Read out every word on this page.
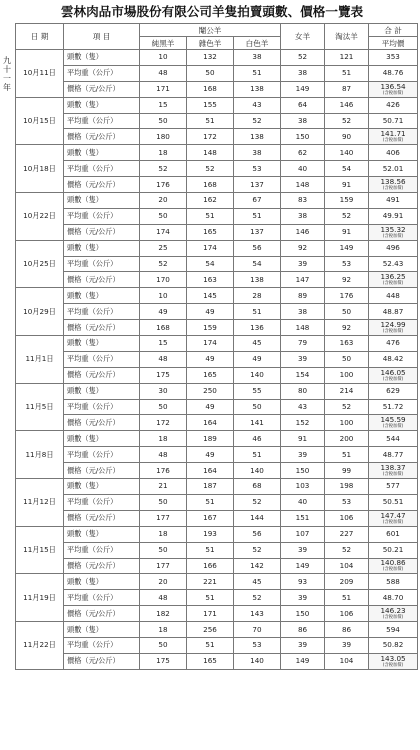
雲林肉品市場股份有限公司羊隻拍賣頭數、價格一覽表
九
十
一
年
日 期	項 目	閹公羊			女羊	淘汰羊	合 計
		純黑羊	雜色羊	白色羊			平均價
10月11日	頭數（隻）	10	132	38	52	121	353
	平均重（公斤）	48	50	51	38	51	48.76
	價格（元/公斤）	171	168	138	149	87	136.54
(含稅加價)

10月15日	頭數（隻）	15	155	43	64	146	426
	平均重（公斤）	50	51	52	38	52	50.71
	價格（元/公斤）	180	172	138	150	90	141.71
(含稅加價)

10月18日	頭數（隻）	18	148	38	62	140	406
	平均重（公斤）	52	52	53	40	54	52.01
	價格（元/公斤）	176	168	137	148	91	138.56
(含稅加價)

10月22日	頭數（隻）	20	162	67	83	159	491
	平均重（公斤）	50	51	51	38	52	49.91
	價格（元/公斤）	174	165	137	146	91	135.32
(含稅加價)

10月25日	頭數（隻）	25	174	56	92	149	496
	平均重（公斤）	52	54	54	39	53	52.43
	價格（元/公斤）	170	163	138	147	92	136.25
(含稅加價)

10月29日	頭數（隻）	10	145	28	89	176	448
	平均重（公斤）	49	49	51	38	50	48.87
	價格（元/公斤）	168	159	136	148	92	124.99
(含稅加價)

11月1日	頭數（隻）	15	174	45	79	163	476
	平均重（公斤）	48	49	49	39	50	48.42
	價格（元/公斤）	175	165	140	154	100	146.05
(含稅加價)

11月5日	頭數（隻）	30	250	55	80	214	629
	平均重（公斤）	50	49	50	43	52	51.72
	價格（元/公斤）	172	164	141	152	100	145.59
(含稅加價)

11月8日	頭數（隻）	18	189	46	91	200	544
	平均重（公斤）	48	49	51	39	51	48.77
	價格（元/公斤）	176	164	140	150	99	138.37
(含稅加價)

11月12日	頭數（隻）	21	187	68	103	198	577
	平均重（公斤）	50	51	52	40	53	50.51
	價格（元/公斤）	177	167	144	151	106	147.47
(含稅加價)

11月15日	頭數（隻）	18	193	56	107	227	601
	平均重（公斤）	50	51	52	39	52	50.21
	價格（元/公斤）	177	166	142	149	104	140.86
(含稅加價)

11月19日	頭數（隻）	20	221	45	93	209	588
	平均重（公斤）	48	51	52	39	51	48.70
	價格（元/公斤）	182	171	143	150	106	146.23
(含稅加價)

11月22日	頭數（隻）	18	256	70	86	86	594
	平均重（公斤）	50	51	53	39	39	50.82
	價格（元/公斤）	175	165	140	149	104	143.05
(含稅加價)
